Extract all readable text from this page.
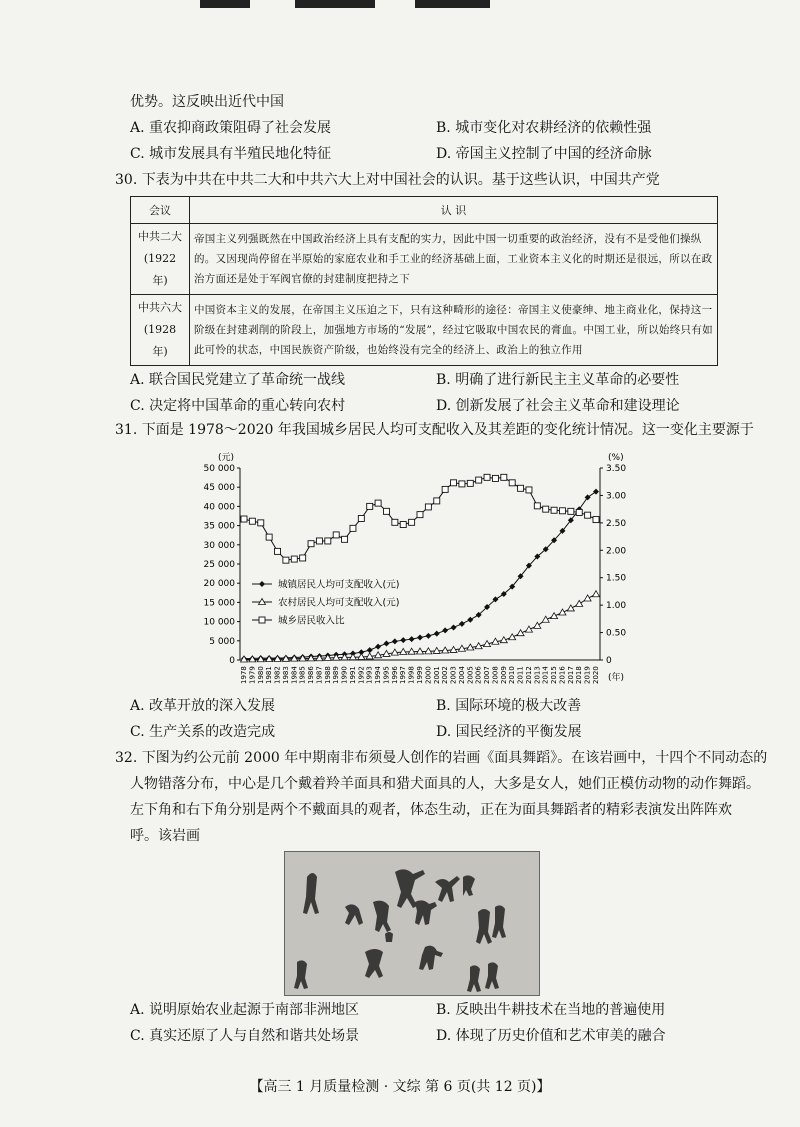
优势。这反映出近代中国
A. 重农抑商政策阻碍了社会发展	B. 城市变化对农耕经济的依赖性强
C. 城市发展具有半殖民地化特征	D. 帝国主义控制了中国的经济命脉
30. 下表为中共在中共二大和中共六大上对中国社会的认识。基于这些认识，中国共产党
会议	认 识

中共二大
(1922 年)	帝国主义列强既然在中国政治经济上具有支配的实力，因此中国一切重要的政治经济，没有不是受他们操纵的。又因现尚停留在半原始的家庭农业和手工业的经济基础上面，工业资本主义化的时期还是很远，所以在政治方面还是处于军阀官僚的封建制度把持之下

中共六大
(1928 年)	中国资本主义的发展，在帝国主义压迫之下，只有这种畸形的途径：帝国主义使豪绅、地主商业化，保持这一阶级在封建剥削的阶段上，加强地方市场的“发展”，经过它吸取中国农民的膏血。中国工业，所以始终只有如此可怜的状态，中国民族资产阶级，也始终没有完全的经济上、政治上的独立作用
A. 联合国民党建立了革命统一战线	B. 明确了进行新民主主义革命的必要性
C. 决定将中国革命的重心转向农村	D. 创新发展了社会主义革命和建设理论
31. 下面是 1978～2020 年我国城乡居民人均可支配收入及其差距的变化统计情况。这一变化主要源于
0
5 000
10 000
15 000
20 000
25 000
30 000
35 000
40 000
45 000
50 000
0
0.50
1.00
1.50
2.00
2.50
3.00
3.50
(元)	(%)
1978 1979 1980 1981 1982 1983 1984 1985 1986 1987 1988 1989 1990 1991 1992 1993 1994 1995 1996 1997 1998 1999 2000 2001 2002 2003 2004 2005 2006 2007 2008 2009 2010 2011 2012 2013 2014 2015 2016 2017 2018 2019 2020 (年)
城镇居民人均可支配收入(元)
农村居民人均可支配收入(元)
城乡居民收入比
A. 改革开放的深入发展	B. 国际环境的极大改善
C. 生产关系的改造完成	D. 国民经济的平衡发展
32. 下图为约公元前 2000 年中期南非布须曼人创作的岩画《面具舞蹈》。在该岩画中，十四个不同动态的
人物错落分布，中心是几个戴着羚羊面具和猎犬面具的人，大多是女人，她们正模仿动物的动作舞蹈。
左下角和右下角分别是两个不戴面具的观者，体态生动，正在为面具舞蹈者的精彩表演发出阵阵欢
呼。该岩画
A. 说明原始农业起源于南部非洲地区	B. 反映出牛耕技术在当地的普遍使用
C. 真实还原了人与自然和谐共处场景	D. 体现了历史价值和艺术审美的融合
【高三 1 月质量检测 · 文综 第 6 页(共 12 页)】
